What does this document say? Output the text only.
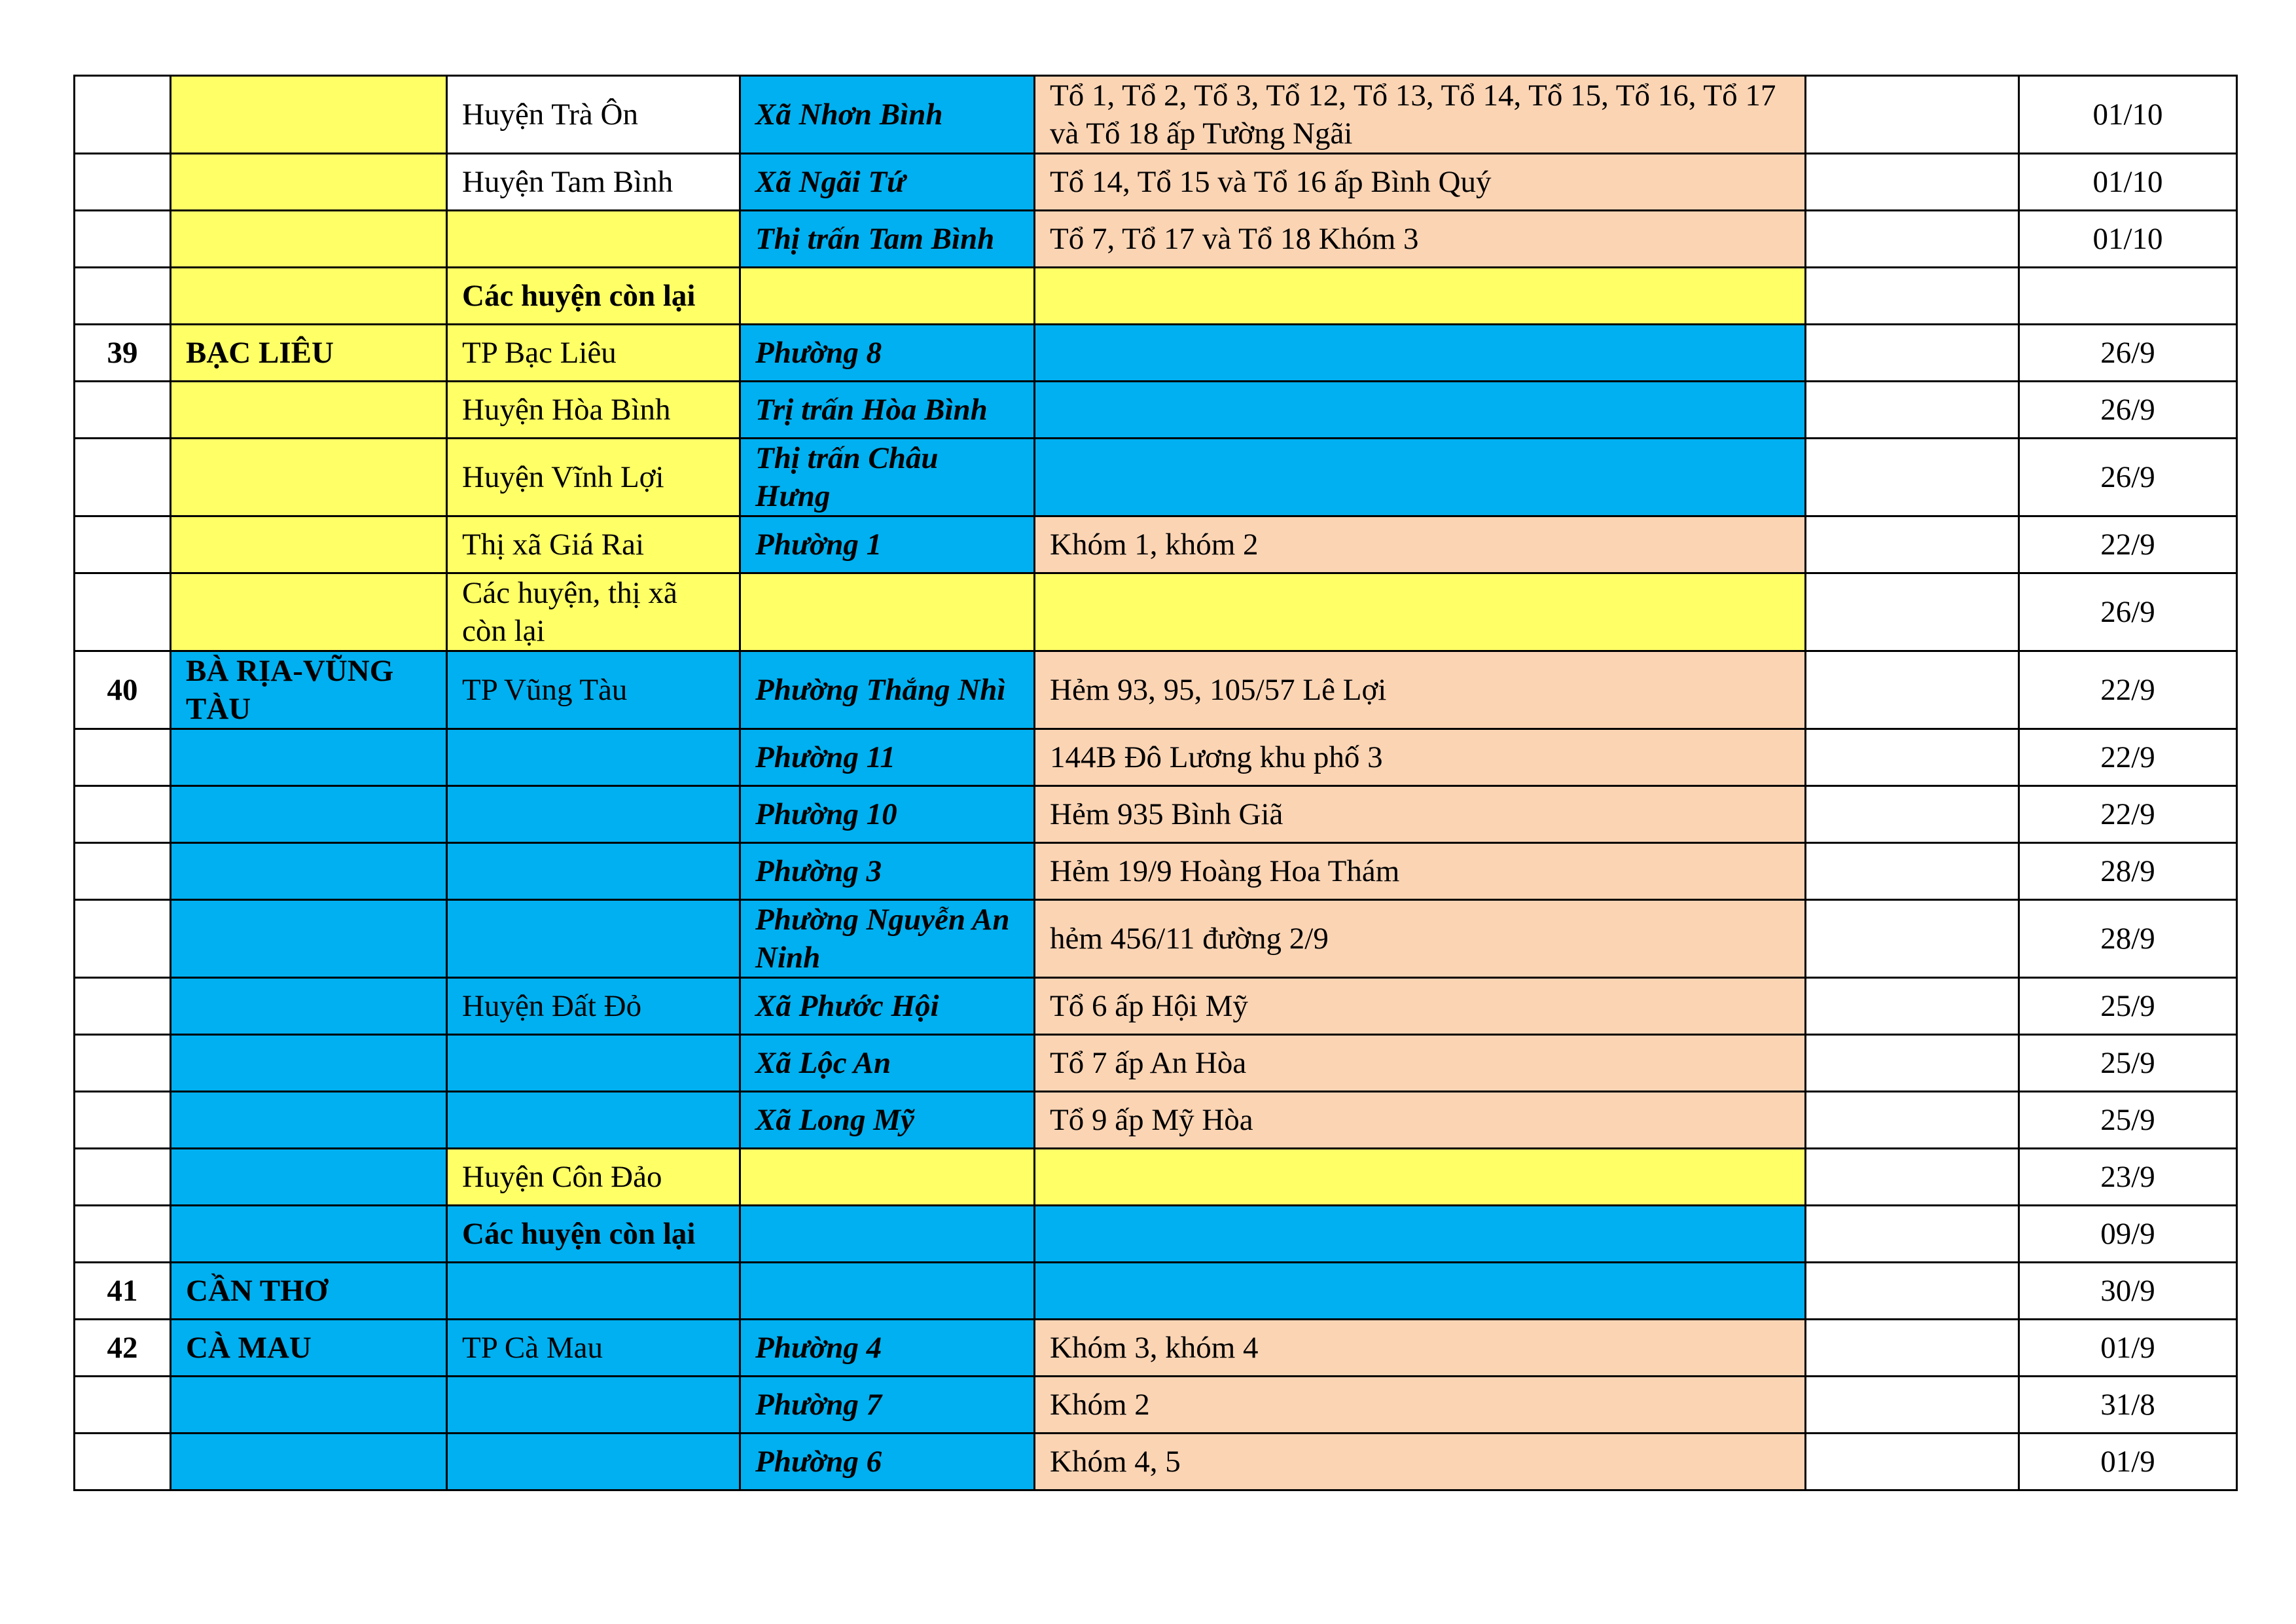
		Huyện Trà Ôn	Xã Nhơn Bình	Tổ 1, Tổ 2, Tổ 3, Tổ 12, Tổ 13, Tổ 14, Tổ 15, Tổ 16, Tổ 17 và Tổ 18 ấp Tường Ngãi		01/10
		Huyện Tam Bình	Xã Ngãi Tứ	Tổ 14, Tổ 15 và Tổ 16 ấp Bình Quý		01/10
			Thị trấn Tam Bình	Tổ 7, Tổ 17 và Tổ 18 Khóm 3		01/10
		Các huyện còn lại				
39	BẠC LIÊU	TP Bạc Liêu	Phường 8			26/9
		Huyện Hòa Bình	Trị trấn Hòa Bình			26/9
		Huyện Vĩnh Lợi	Thị trấn Châu Hưng			26/9
		Thị xã Giá Rai	Phường 1	Khóm 1, khóm 2		22/9
		Các huyện, thị xã còn lại				26/9
40	BÀ RỊA-VŨNG TÀU	TP Vũng Tàu	Phường Thắng Nhì	Hẻm 93, 95, 105/57 Lê Lợi		22/9
			Phường 11	144B Đô Lương khu phố 3		22/9
			Phường 10	Hẻm 935 Bình Giã		22/9
			Phường 3	Hẻm 19/9 Hoàng Hoa Thám		28/9
			Phường Nguyễn An Ninh	hẻm 456/11 đường 2/9		28/9
		Huyện Đất Đỏ	Xã Phước Hội	Tổ 6 ấp Hội Mỹ		25/9
			Xã Lộc An	Tổ 7 ấp An Hòa		25/9
			Xã Long Mỹ	Tổ 9 ấp Mỹ Hòa		25/9
		Huyện Côn Đảo				23/9
		Các huyện còn lại				09/9
41	CẦN THƠ					30/9
42	CÀ MAU	TP Cà Mau	Phường 4	Khóm 3, khóm 4		01/9
			Phường 7	Khóm 2		31/8
			Phường 6	Khóm 4, 5		01/9
